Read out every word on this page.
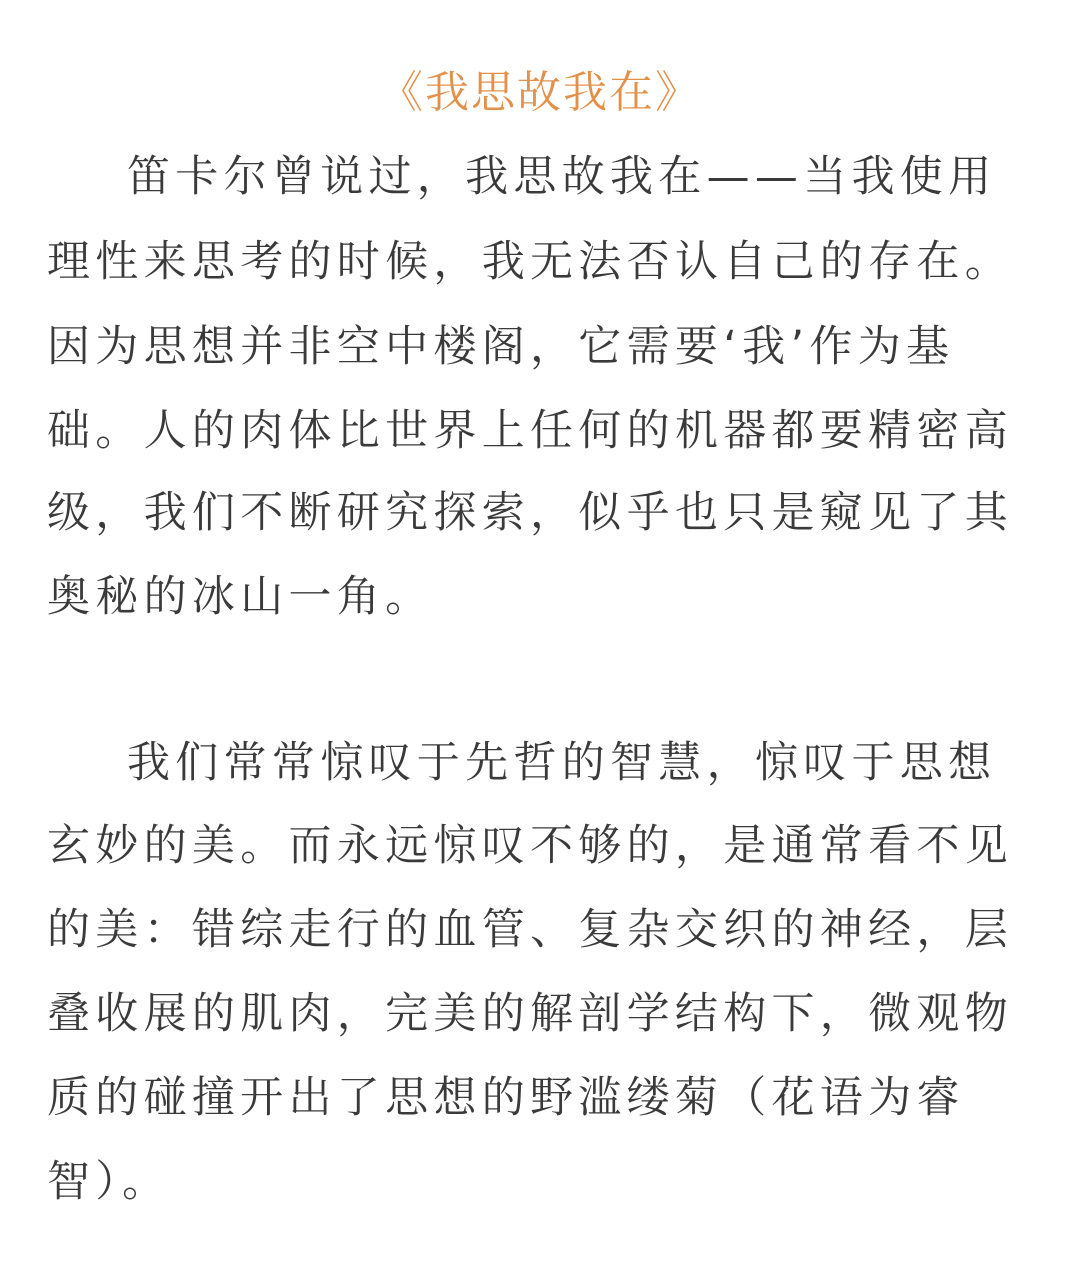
《我思故我在》
笛卡尔曾说过，我思故我在——当我使用
理性来思考的时候，我无法否认自己的存在。
因为思想并非空中楼阁，它需要‘我’作为基
础。人的肉体比世界上任何的机器都要精密高
级，我们不断研究探索，似乎也只是窥见了其
奥秘的冰山一角。
我们常常惊叹于先哲的智慧，惊叹于思想
玄妙的美。而永远惊叹不够的，是通常看不见
的美：错综走行的血管、复杂交织的神经，层
叠收展的肌肉，完美的解剖学结构下，微观物
质的碰撞开出了思想的野滥缕菊（花语为睿
智）。
